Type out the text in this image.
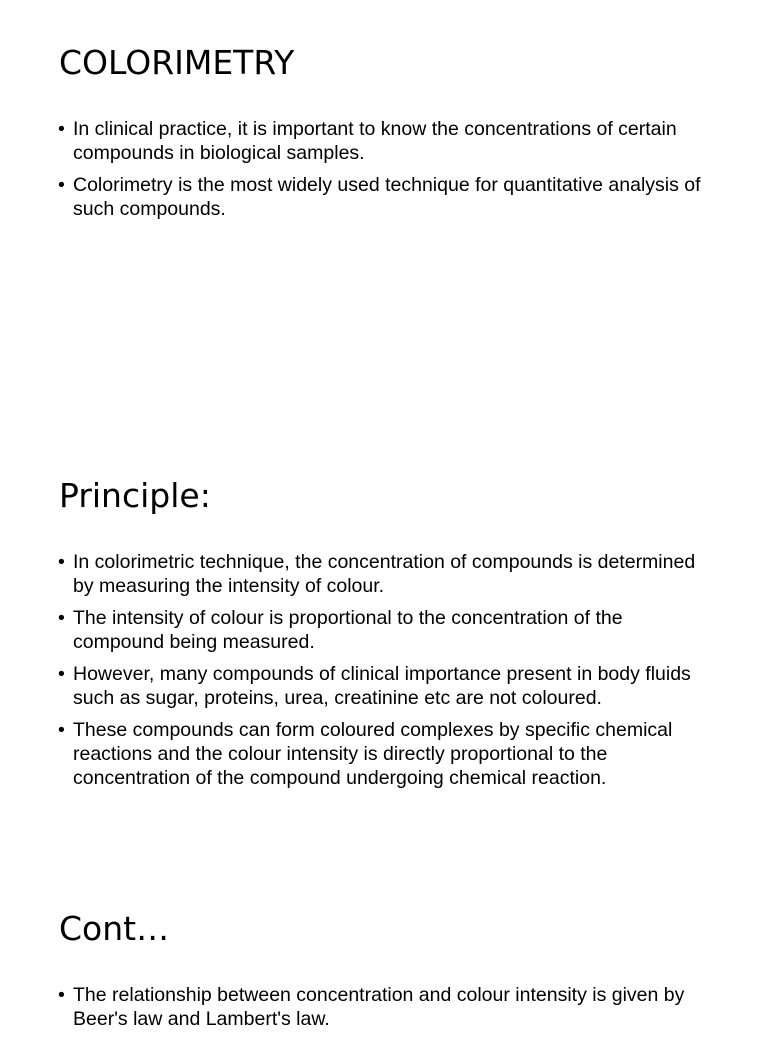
COLORIMETRY
• In clinical practice, it is important to know the concentrations of certain compounds in biological samples.
• Colorimetry is the most widely used technique for quantitative analysis of such compounds.
Principle:
• In colorimetric technique, the concentration of compounds is determined by measuring the intensity of colour.
• The intensity of colour is proportional to the concentration of the compound being measured.
• However, many compounds of clinical importance present in body fluids such as sugar, proteins, urea, creatinine etc are not coloured.
• These compounds can form coloured complexes by specific chemical reactions and the colour intensity is directly proportional to the concentration of the compound undergoing chemical reaction.
Cont…
• The relationship between concentration and colour intensity is given by Beer's law and Lambert's law.
